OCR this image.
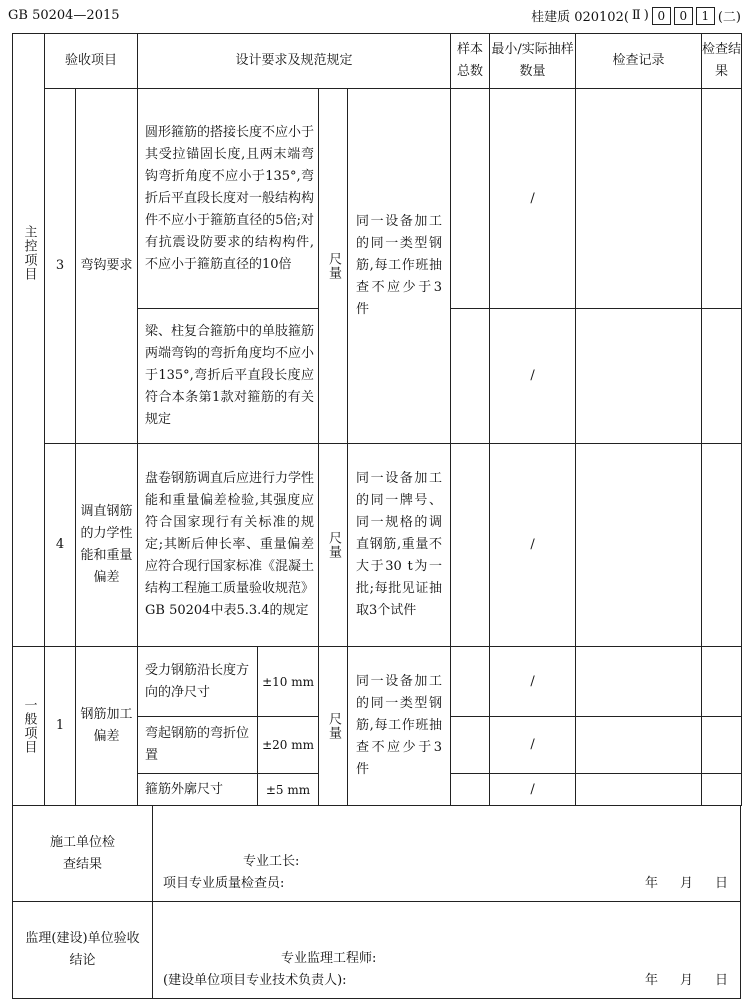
GB 50204—2015	桂建质 020102( Ⅱ ) 0	0	1 (二)
	验收项目		设计要求及规范规定				样本总数	最小/实际抽样数量	检查记录	检查结果
	3	弯钩要求	圆形箍筋的搭接长度不应小于其受拉锚固长度,且两末端弯钩弯折角度不应小于135°,弯折后平直段长度对一般结构构件不应小于箍筋直径的5倍;对有抗震设防要求的结构构件,不应小于箍筋直径的10倍		尺量	同一设备加工的同一类型钢筋,每工作班抽查不应少于3件		/		
			梁、柱复合箍筋中的单肢箍筋两端弯钩的弯折角度均不应小于135°,弯折后平直段长度应符合本条第1款对箍筋的有关规定					/		

主控项目	4	调直钢筋的力学性能和重量偏差	盘卷钢筋调直后应进行力学性能和重量偏差检验,其强度应符合国家现行有关标准的规定;其断后伸长率、重量偏差应符合现行国家标准《混凝土结构工程施工质量验收规范》GB 50204中表5.3.4的规定		尺量	同一设备加工的同一牌号、同一规格的调直钢筋,重量不大于30 t为一批;每批见证抽取3个试件		/		

一般项目	1	钢筋加工偏差	受力钢筋沿长度方向的净尺寸	±10 mm	尺量	同一设备加工的同一类型钢筋,每工作班抽查不应少于3件		/		
			弯起钢筋的弯折位置	±20 mm				/		
			箍筋外廓尺寸	±5 mm				/		
施工单位检查结果	专业工长:
项目专业质量检查员: 年 月 日

监理(建设)单位验收结论	专业监理工程师:
(建设单位项目专业技术负责人): 年 月 日
